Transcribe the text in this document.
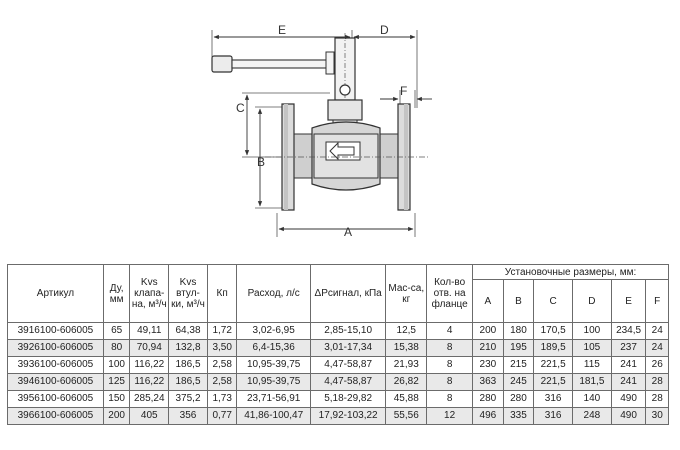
E	D
C
B
A
F
Артикул	Ду, мм	Kvs клапа-на, м³/ч	Kvs втул-ки, м³/ч	Кп	Расход, л/с	ΔPсигнал, кПа	Мас-са, кг	Кол-во отв. на фланце	Установочные размеры, мм:					
									A	B	C	D	E	F
3916100-606005	65	49,11	64,38	1,72	3,02-6,95	2,85-15,10	12,5	4	200	180	170,5	100	234,5	24
3926100-606005	80	70,94	132,8	3,50	6,4-15,36	3,01-17,34	15,38	8	210	195	189,5	105	237	24
3936100-606005	100	116,22	186,5	2,58	10,95-39,75	4,47-58,87	21,93	8	230	215	221,5	115	241	26
3946100-606005	125	116,22	186,5	2,58	10,95-39,75	4,47-58,87	26,82	8	363	245	221,5	181,5	241	28
3956100-606005	150	285,24	375,2	1,73	23,71-56,91	5,18-29,82	45,88	8	280	280	316	140	490	28
3966100-606005	200	405	356	0,77	41,86-100,47	17,92-103,22	55,56	12	496	335	316	248	490	30
